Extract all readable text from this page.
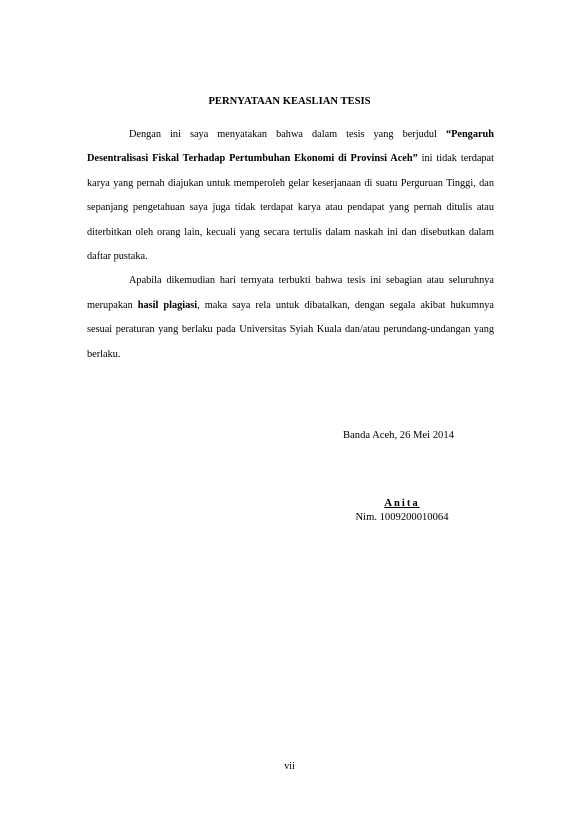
PERNYATAAN KEASLIAN TESIS

Dengan ini saya menyatakan bahwa dalam tesis yang berjudul “Pengaruh Desentralisasi Fiskal Terhadap Pertumbuhan Ekonomi di Provinsi Aceh” ini tidak terdapat karya yang pernah diajukan untuk memperoleh gelar keserjanaan di suatu Perguruan Tinggi, dan sepanjang pengetahuan saya juga tidak terdapat karya atau pendapat yang pernah ditulis atau diterbitkan oleh orang lain, kecuali yang secara tertulis dalam naskah ini dan disebutkan dalam daftar pustaka.

Apabila dikemudian hari ternyata terbukti bahwa tesis ini sebagian atau seluruhnya merupakan hasil plagiasi, maka saya rela untuk dibatalkan, dengan segala akibat hukumnya sesuai peraturan yang berlaku pada Universitas Syiah Kuala dan/atau perundang-undangan yang berlaku.

Banda Aceh, 26 Mei 2014
Anita
Nim. 1009200010064
vii
